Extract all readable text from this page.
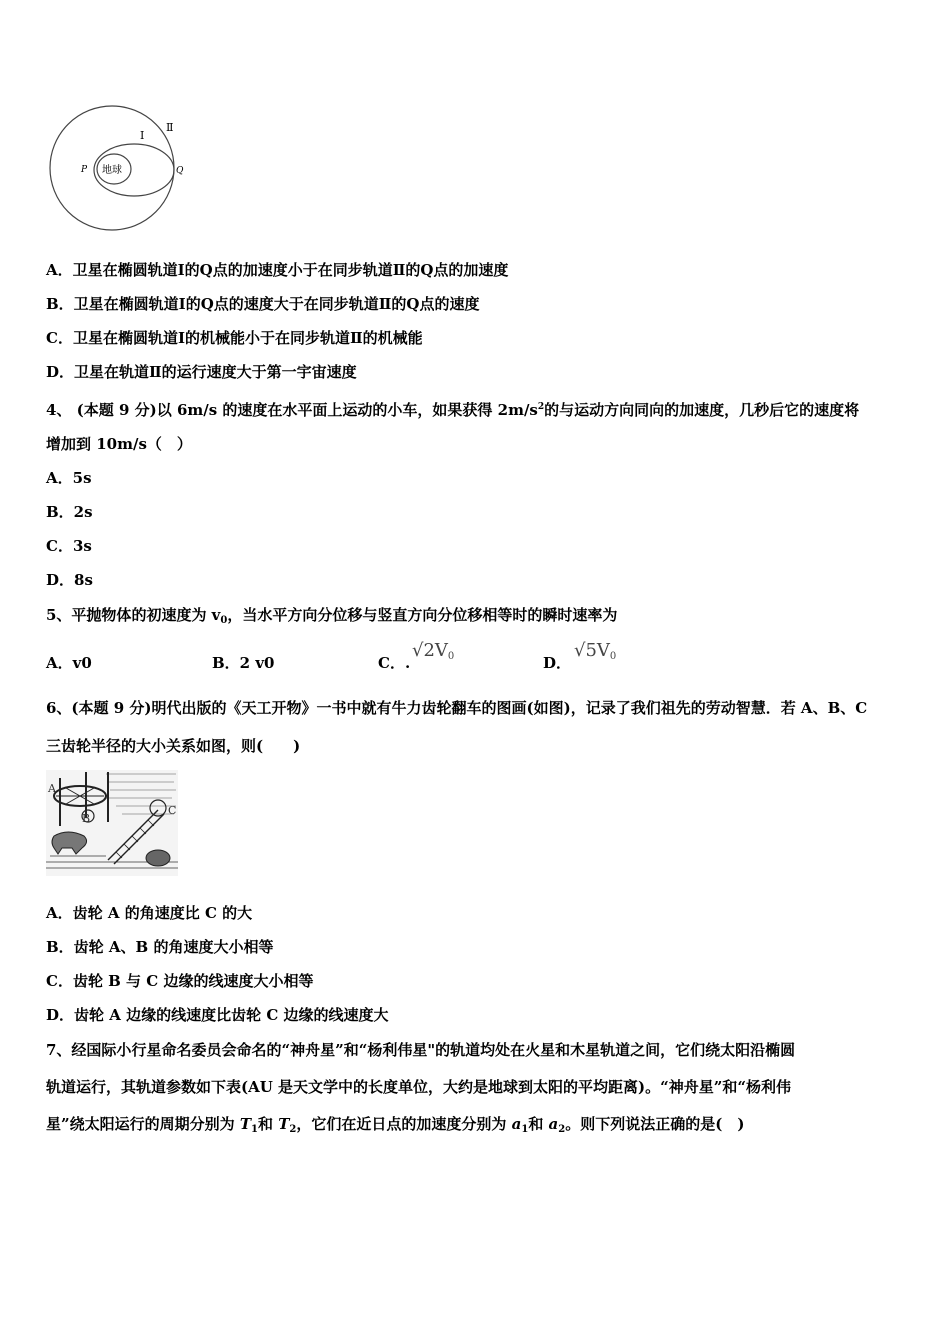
地球
P	Q
Ⅰ
Ⅱ
A．卫星在椭圆轨道Ⅰ的Q点的加速度小于在同步轨道Ⅱ的Q点的加速度
B．卫星在椭圆轨道Ⅰ的Q点的速度大于在同步轨道Ⅱ的Q点的速度
C．卫星在椭圆轨道Ⅰ的机械能小于在同步轨道Ⅱ的机械能
D．卫星在轨道Ⅱ的运行速度大于第一宇宙速度
4、 (本题 9 分)以 6m/s 的速度在水平面上运动的小车，如果获得 $2m/s^2$的与运动方向同向的加速度，几秒后它的速度将
增加到 10m/s（　）
A．5s
B．2s
C．3s
D．8s
5、平抛物体的初速度为 $v_0$，当水平方向分位移与竖直方向分位移相等时的瞬时速率为
A．v0	B．2 v0	C．.
$√2V_0$	D．
$√5V_0$
6、(本题 9 分)明代出版的《天工开物》一书中就有牛力齿轮翻车的图画(如图)，记录了我们祖先的劳动智慧．若 A、B、C
三齿轮半径的大小关系如图，则(　　)
A
B
C
A．齿轮 A 的角速度比 C 的大
B．齿轮 A、B 的角速度大小相等
C．齿轮 B 与 C 边缘的线速度大小相等
D．齿轮 A 边缘的线速度比齿轮 C 边缘的线速度大
7、经国际小行星命名委员会命名的“神舟星”和“杨利伟星"的轨道均处在火星和木星轨道之间，它们绕太阳沿椭圆
轨道运行，其轨道参数如下表(AU 是天文学中的长度单位，大约是地球到太阳的平均距离)。“神舟星”和“杨利伟
星”绕太阳运行的周期分别为 $T_1$和 $T_2$，它们在近日点的加速度分别为 $a_1$和 $a_2$。则下列说法正确的是(　)
